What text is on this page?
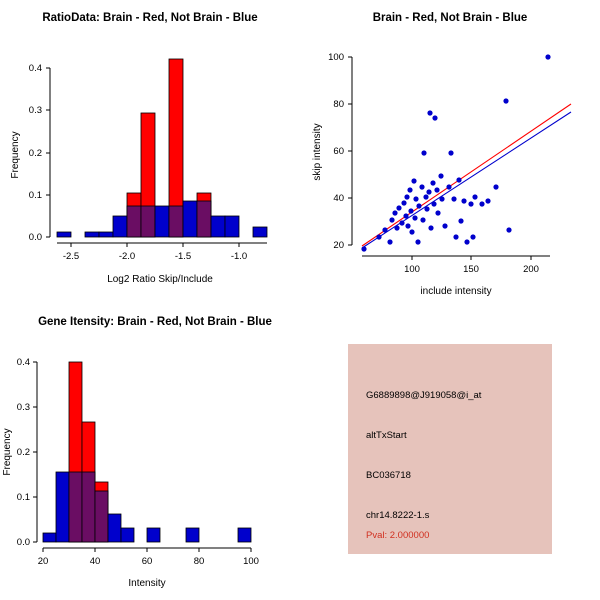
RatioData: Brain - Red, Not Brain - Blue
0.0
0.1
0.2
0.3
0.4
Frequency
-2.5	-2.0	-1.5	-1.0
Log2 Ratio Skip/Include
Brain - Red, Not Brain - Blue
20
40
60
80
100
skip intensity
100	150	200
include intensity
Gene Itensity: Brain - Red, Not Brain - Blue
0.0
0.1
0.2
0.3
0.4
Frequency
20	40	60	80	100
Intensity
G6889898@J919058@i_at
altTxStart
BC036718
chr14.8222-1.s
Pval: 2.000000
